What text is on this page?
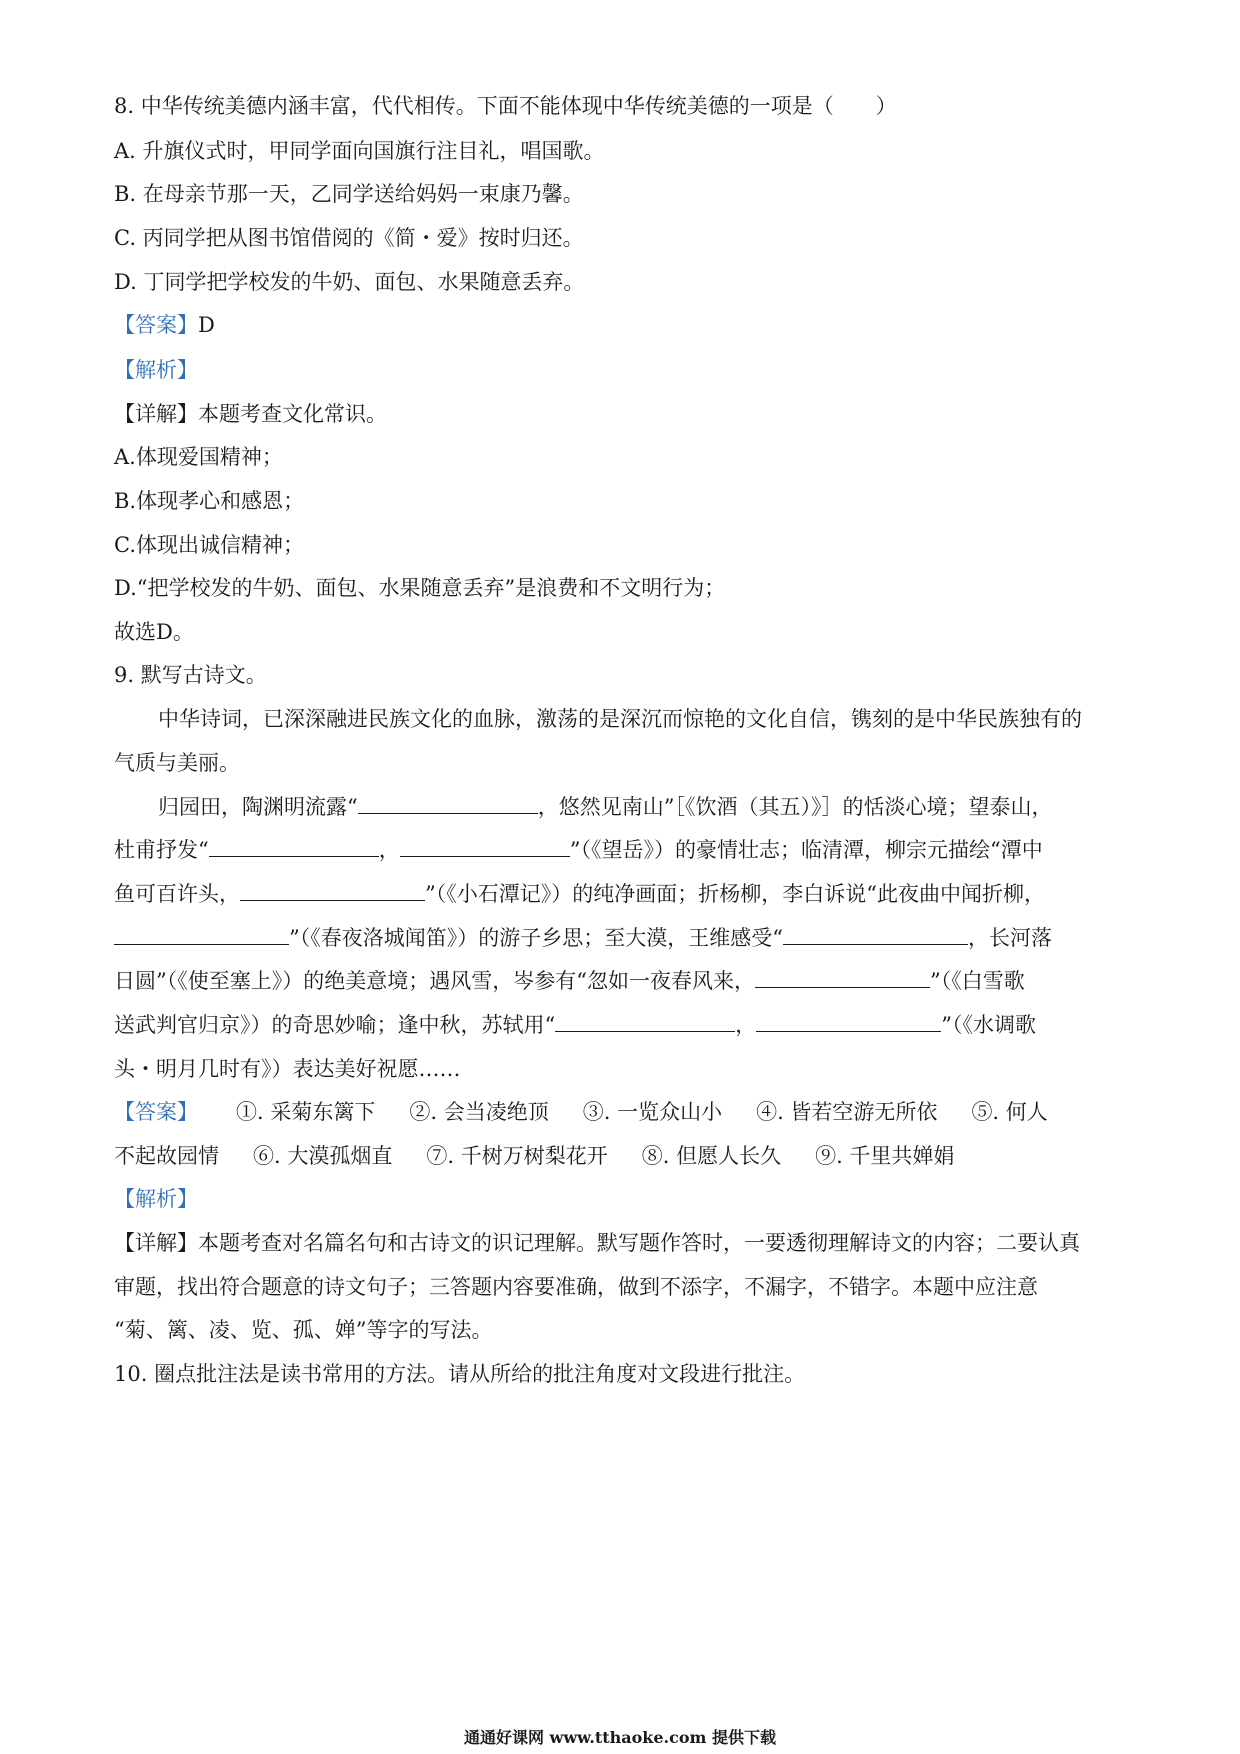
8. 中华传统美德内涵丰富，代代相传。下面不能体现中华传统美德的一项是（　　）
A. 升旗仪式时，甲同学面向国旗行注目礼，唱国歌。
B. 在母亲节那一天，乙同学送给妈妈一束康乃馨。
C. 丙同学把从图书馆借阅的《简・爱》按时归还。
D. 丁同学把学校发的牛奶、面包、水果随意丢弃。
【答案】D
【解析】
【详解】本题考查文化常识。
A.体现爱国精神；
B.体现孝心和感恩；
C.体现出诚信精神；
D.“把学校发的牛奶、面包、水果随意丢弃”是浪费和不文明行为；
故选D。
9. 默写古诗文。
中华诗词，已深深融进民族文化的血脉，激荡的是深沉而惊艳的文化自信，镌刻的是中华民族独有的
气质与美丽。
归园田，陶渊明流露“	，悠然见南山”［《饮酒（其五）》］的恬淡心境；望泰山，
杜甫抒发“	，	”（《望岳》）的豪情壮志；临清潭，柳宗元描绘“潭中
鱼可百许头，	”（《小石潭记》）的纯净画面；折杨柳，李白诉说“此夜曲中闻折柳，
”（《春夜洛城闻笛》）的游子乡思；至大漠，王维感受“	，长河落
日圆”（《使至塞上》）的绝美意境；遇风雪，岑参有“忽如一夜春风来，	”（《白雪歌
送武判官归京》）的奇思妙喻；逢中秋，苏轼用“	，	”（《水调歌
头・明月几时有》）表达美好祝愿……
【答案】 ①. 采菊东篱下 ②. 会当凌绝顶 ③. 一览众山小 ④. 皆若空游无所依 ⑤. 何人
不起故园情 ⑥. 大漠孤烟直 ⑦. 千树万树梨花开 ⑧. 但愿人长久 ⑨. 千里共婵娟
【解析】
【详解】本题考查对名篇名句和古诗文的识记理解。默写题作答时，一要透彻理解诗文的内容；二要认真
审题，找出符合题意的诗文句子；三答题内容要准确，做到不添字，不漏字，不错字。本题中应注意
“菊、篱、凌、览、孤、婵”等字的写法。
10. 圈点批注法是读书常用的方法。请从所给的批注角度对文段进行批注。
通通好课网 www.tthaoke.com 提供下载
